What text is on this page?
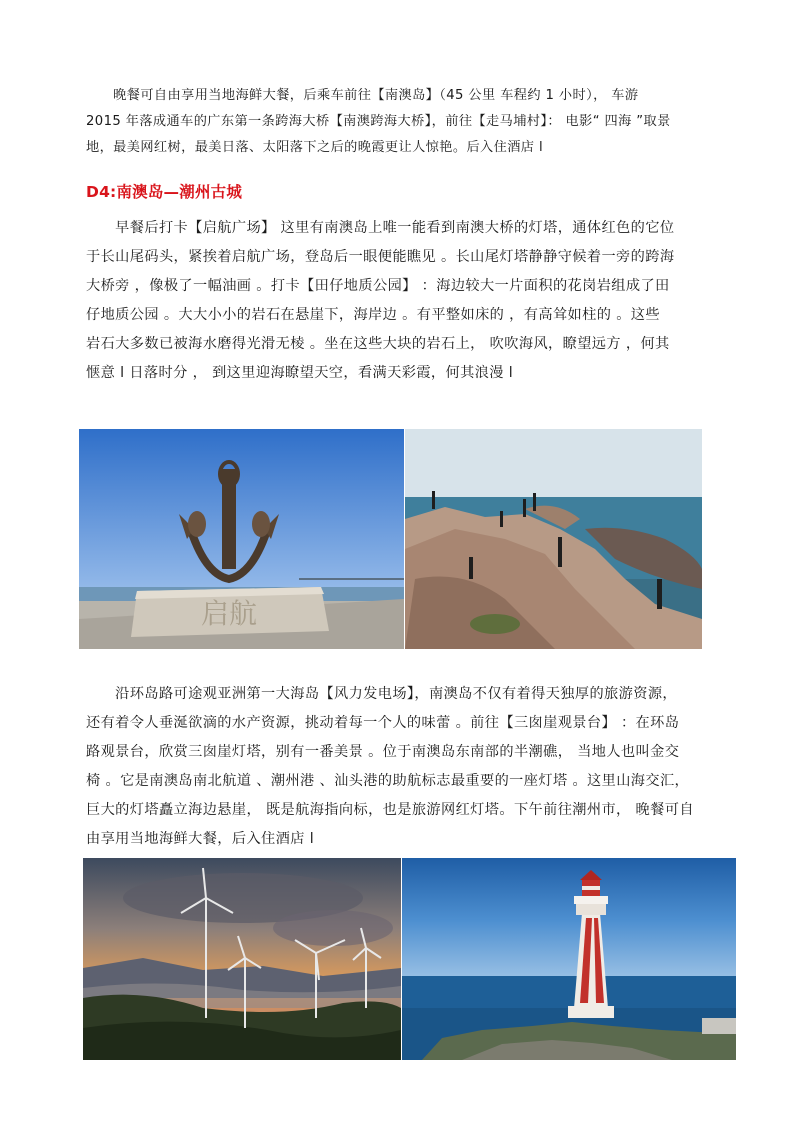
　　晚餐可自由享用当地海鲜大餐，后乘车前往【南澳岛】（45 公里 车程约 1 小时）， 车游
2015 年落成通车的广东第一条跨海大桥【南澳跨海大桥】，前往【走马埔村】： 电影“ 四海 ”取景
地，最美网红树，最美日落、太阳落下之后的晚霞更让人惊艳。后入住酒店 l
D4:南澳岛—潮州古城
　　早餐后打卡【启航广场】 这里有南澳岛上唯一能看到南澳大桥的灯塔，通体红色的它位
于长山尾码头，紧挨着启航广场，登岛后一眼便能瞧见 。长山尾灯塔静静守候着一旁的跨海
大桥旁 ，像极了一幅油画 。打卡【田仔地质公园】 ：海边较大一片面积的花岗岩组成了田
仔地质公园 。大大小小的岩石在悬崖下，海岸边 。有平整如床的 ，有高耸如柱的 。这些
岩石大多数已被海水磨得光滑无棱 。坐在这些大块的岩石上， 吹吹海风，瞭望远方 ，何其
惬意 l 日落时分 ， 到这里迎海瞭望天空，看满天彩霞，何其浪漫 l
启航
　　沿环岛路可途观亚洲第一大海岛【风力发电场】，南澳岛不仅有着得天独厚的旅游资源，
还有着令人垂涎欲滴的水产资源，挑动着每一个人的味蕾 。前往【三囱崖观景台】 ：在环岛
路观景台，欣赏三囱崖灯塔，别有一番美景 。位于南澳岛东南部的半潮礁， 当地人也叫金交
椅 。它是南澳岛南北航道 、潮州港 、汕头港的助航标志最重要的一座灯塔 。这里山海交汇，
巨大的灯塔矗立海边悬崖， 既是航海指向标，也是旅游网红灯塔。下午前往潮州市， 晚餐可自
由享用当地海鲜大餐，后入住酒店 l
